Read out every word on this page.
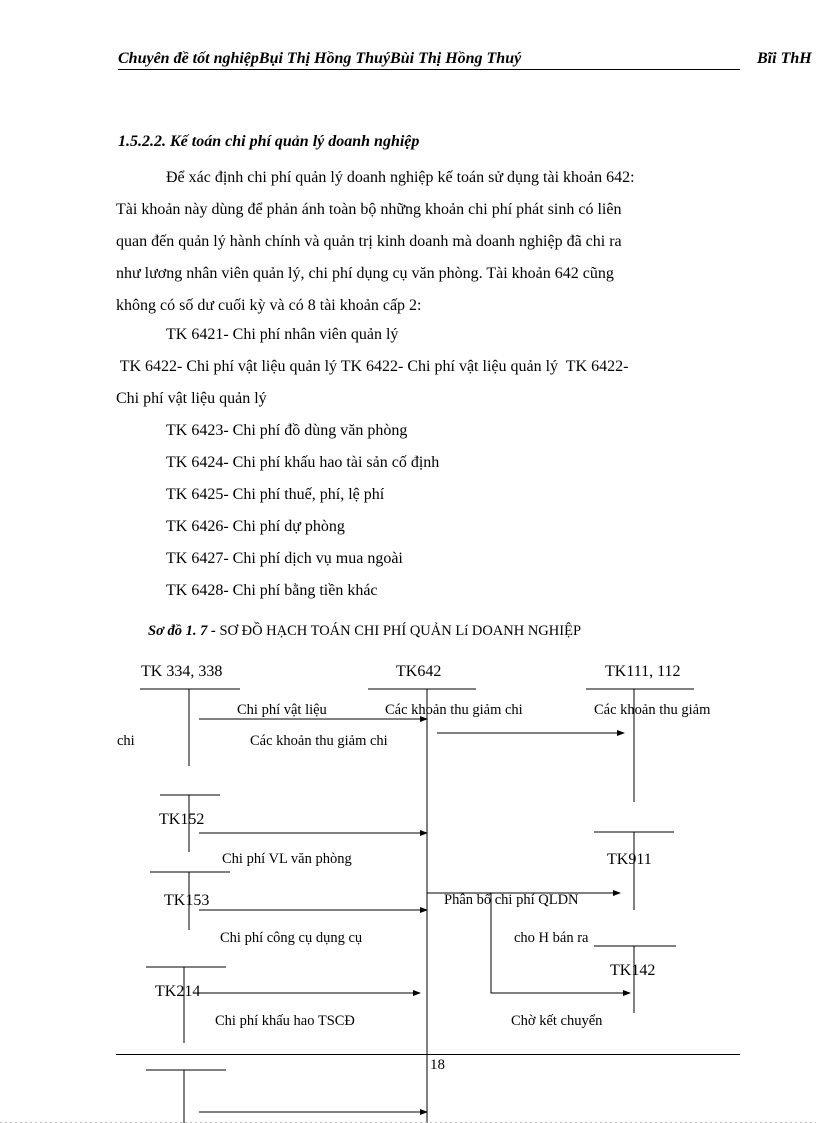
Chuyên đề tốt nghiệpBụi Thị Hồng ThuýBùi Thị Hồng Thuý	Bĩi ThH
1.5.2.2. Kế toán chi phí quản lý doanh nghiệp

Để xác định chi phí quản lý doanh nghiệp kế toán sử dụng tài khoản 642:

Tài khoản này dùng để phản ánh toàn bộ những khoản chi phí phát sinh có liên

quan đến quản lý hành chính và quản trị kinh doanh mà doanh nghiệp đã chi ra

như lương nhân viên quản lý, chi phí dụng cụ văn phòng. Tài khoản 642 cũng

không có số dư cuối kỳ và có 8 tài khoản cấp 2:

TK 6421- Chi phí nhân viên quản lý
TK 6422- Chi phí vật liệu quản lý TK 6422- Chi phí vật liệu quản lý  TK 6422-
Chi phí vật liệu quản lý
TK 6423- Chi phí đồ dùng văn phòng
TK 6424- Chi phí khấu hao tài sản cố định
TK 6425- Chi phí thuế, phí, lệ phí
TK 6426- Chi phí dự phòng
TK 6427- Chi phí dịch vụ mua ngoài
TK 6428- Chi phí bằng tiền khác
Sơ đồ 1. 7 - SƠ ĐỒ HẠCH TOÁN CHI PHÍ QUẢN Lí DOANH NGHIỆP
TK 334, 338	TK642	TK111, 112
Chi phí vật liệu	Các khoản thu giảm chi	Các khoản thu giảm
chi	Các khoản thu giảm chi
TK152
Chi phí VL văn phòng	TK911
TK153	Phân bổ chi phí QLDN
Chi phí công cụ dụng cụ	cho H bán ra
TK142
TK214
Chi phí khấu hao TSCĐ	Chờ kết chuyển
18
